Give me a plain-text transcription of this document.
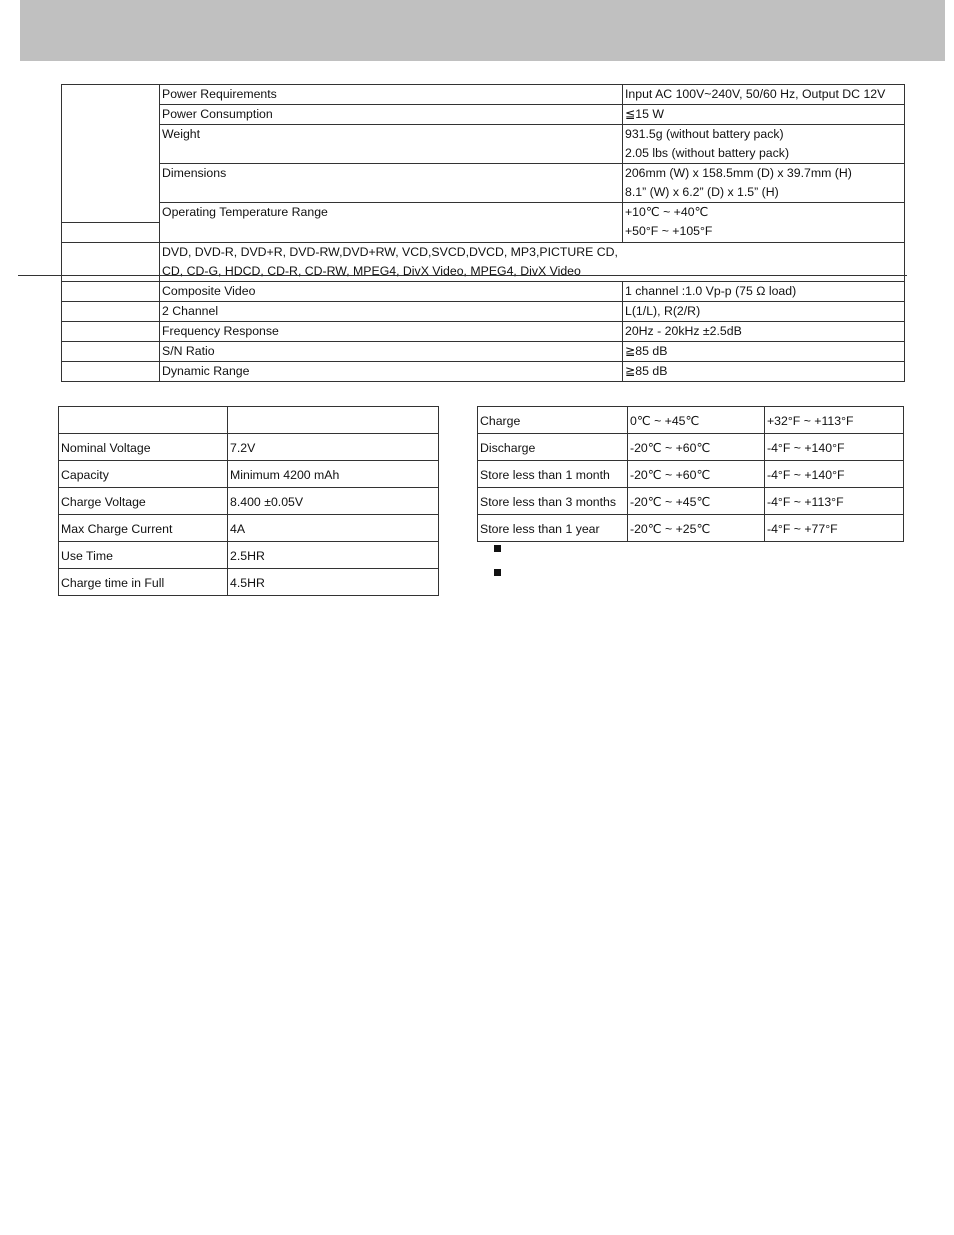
	Power Requirements	Input AC 100V~240V, 50/60 Hz, Output DC 12V
	Power Consumption	≦15 W
	Weight	931.5g (without battery pack)
		2.05 lbs (without battery pack)
	Dimensions	206mm (W) x 158.5mm (D) x 39.7mm (H)
		8.1” (W) x 6.2” (D) x 1.5” (H)
	Operating Temperature Range	+10℃ ~ +40℃
		+50°F ~ +105°F
	DVD, DVD-R, DVD+R, DVD-RW,DVD+RW, VCD,SVCD,DVCD, MP3,PICTURE CD,	
	CD, CD-G, HDCD, CD-R, CD-RW, MPEG4, DivX Video, MPEG4, DivX Video	
	Composite Video	1 channel :1.0 Vp-p (75 Ω load)
	2 Channel	L(1/L), R(2/R)
	Frequency Response	20Hz - 20kHz ±2.5dB
	S/N Ratio	≧85 dB
	Dynamic Range	≧85 dB

Nominal Voltage	7.2V
Capacity	Minimum 4200 mAh
Charge Voltage	8.400 ±0.05V
Max Charge Current	4A
Use Time	2.5HR
Charge time in Full	4.5HR
Charge	0℃ ~ +45℃	+32°F ~ +113°F
Discharge	-20℃ ~ +60℃	-4°F ~ +140°F
Store less than 1 month	-20℃ ~ +60℃	-4°F ~ +140°F
Store less than 3 months	-20℃ ~ +45℃	-4°F ~ +113°F
Store less than 1 year	-20℃ ~ +25℃	-4°F ~ +77°F
